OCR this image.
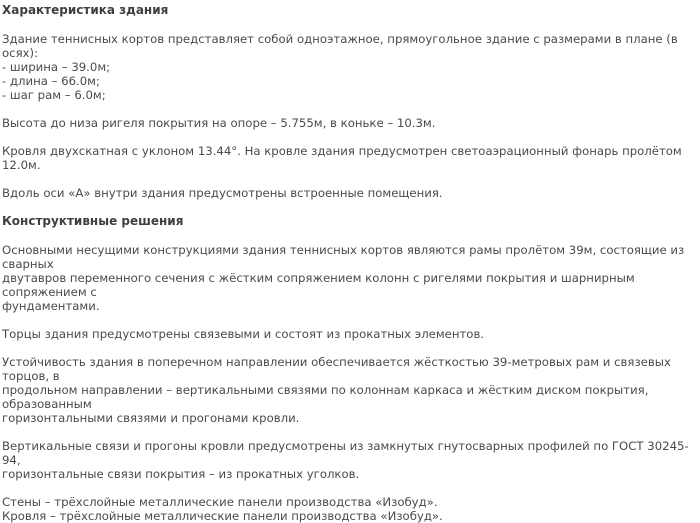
Характеристика здания

Здание теннисных кортов представляет собой одноэтажное, прямоугольное здание с размерами в плане (в осях):
- ширина – 39.0м;
- длина – 66.0м;
- шаг рам – 6.0м;

Высота до низа ригеля покрытия на опоре – 5.755м, в коньке – 10.3м.

Кровля двухскатная с уклоном 13.44°. На кровле здания предусмотрен светоаэрационный фонарь пролётом 12.0м.

Вдоль оси «А» внутри здания предусмотрены встроенные помещения.

Конструктивные решения

Основными несущими конструкциями здания теннисных кортов являются рамы пролётом 39м, состоящие из сварных
двутавров переменного сечения с жёстким сопряжением колонн с ригелями покрытия и шарнирным сопряжением с
фундаментами.

Торцы здания предусмотрены связевыми и состоят из прокатных элементов.

Устойчивость здания в поперечном направлении обеспечивается жёсткостью 39-метровых рам и связевых торцов, в
продольном направлении – вертикальными связями по колоннам каркаса и жёстким диском покрытия, образованным
горизонтальными связями и прогонами кровли.

Вертикальные связи и прогоны кровли предусмотрены из замкнутых гнутосварных профилей по ГОСТ 30245-94,
горизонтальные связи покрытия – из прокатных уголков.

Стены – трёхслойные металлические панели производства «Изобуд».
Кровля – трёхслойные металлические панели производства «Изобуд».
